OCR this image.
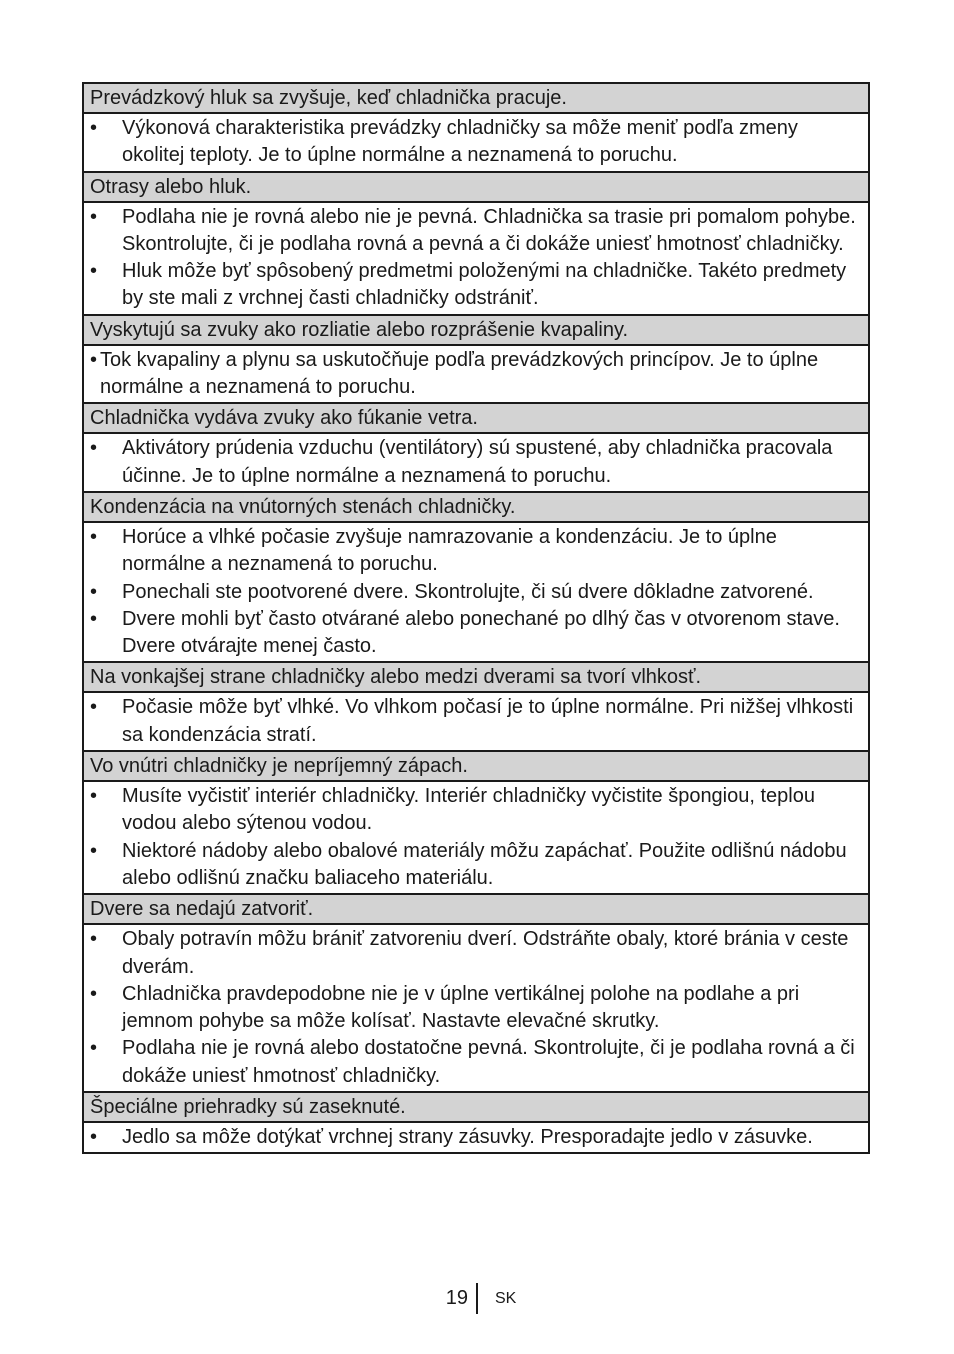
Prevádzkový hluk sa zvyšuje, keď chladnička pracuje.
•	Výkonová charakteristika prevádzky chladničky sa môže meniť podľa zmeny okolitej teploty. Je to úplne normálne a neznamená to poruchu.
Otrasy alebo hluk.
•	Podlaha nie je rovná alebo nie je pevná. Chladnička sa trasie pri pomalom pohybe. Skontrolujte, či je podlaha rovná a pevná a či dokáže uniesť hmotnosť chladničky.
•	Hluk môže byť spôsobený predmetmi položenými na chladničke. Takéto predmety by ste mali z vrchnej časti chladničky odstrániť.
Vyskytujú sa zvuky ako rozliatie alebo rozprášenie kvapaliny.
• Tok kvapaliny a plynu sa uskutočňuje podľa prevádzkových princípov. Je to úplne normálne a neznamená to poruchu.
Chladnička vydáva zvuky ako fúkanie vetra.
•	Aktivátory prúdenia vzduchu (ventilátory) sú spustené, aby chladnička pracovala účinne. Je to úplne normálne a neznamená to poruchu.
Kondenzácia na vnútorných stenách chladničky.
•	Horúce a vlhké počasie zvyšuje namrazovanie a kondenzáciu. Je to úplne normálne a neznamená to poruchu.
•	Ponechali ste pootvorené dvere. Skontrolujte, či sú dvere dôkladne zatvorené.
•	Dvere mohli byť často otvárané alebo ponechané po dlhý čas v otvorenom stave. Dvere otvárajte menej často.
Na vonkajšej strane chladničky alebo medzi dverami sa tvorí vlhkosť.
•	Počasie môže byť vlhké. Vo vlhkom počasí je to úplne normálne. Pri nižšej vlhkosti sa kondenzácia stratí.
Vo vnútri chladničky je nepríjemný zápach.
•	Musíte vyčistiť interiér chladničky. Interiér chladničky vyčistite špongiou, teplou vodou alebo sýtenou vodou.
•	Niektoré nádoby alebo obalové materiály môžu zapáchať. Použite odlišnú nádobu alebo odlišnú značku baliaceho materiálu.
Dvere sa nedajú zatvoriť.
•	Obaly potravín môžu brániť zatvoreniu dverí. Odstráňte obaly, ktoré bránia v ceste dverám.
•	Chladnička pravdepodobne nie je v úplne vertikálnej polohe na podlahe a pri jemnom pohybe sa môže kolísať. Nastavte elevačné skrutky.
•	Podlaha nie je rovná alebo dostatočne pevná. Skontrolujte, či je podlaha rovná a či dokáže uniesť hmotnosť chladničky.
Špeciálne priehradky sú zaseknuté.
•	Jedlo sa môže dotýkať vrchnej strany zásuvky. Presporadajte jedlo v zásuvke.
19 SK
